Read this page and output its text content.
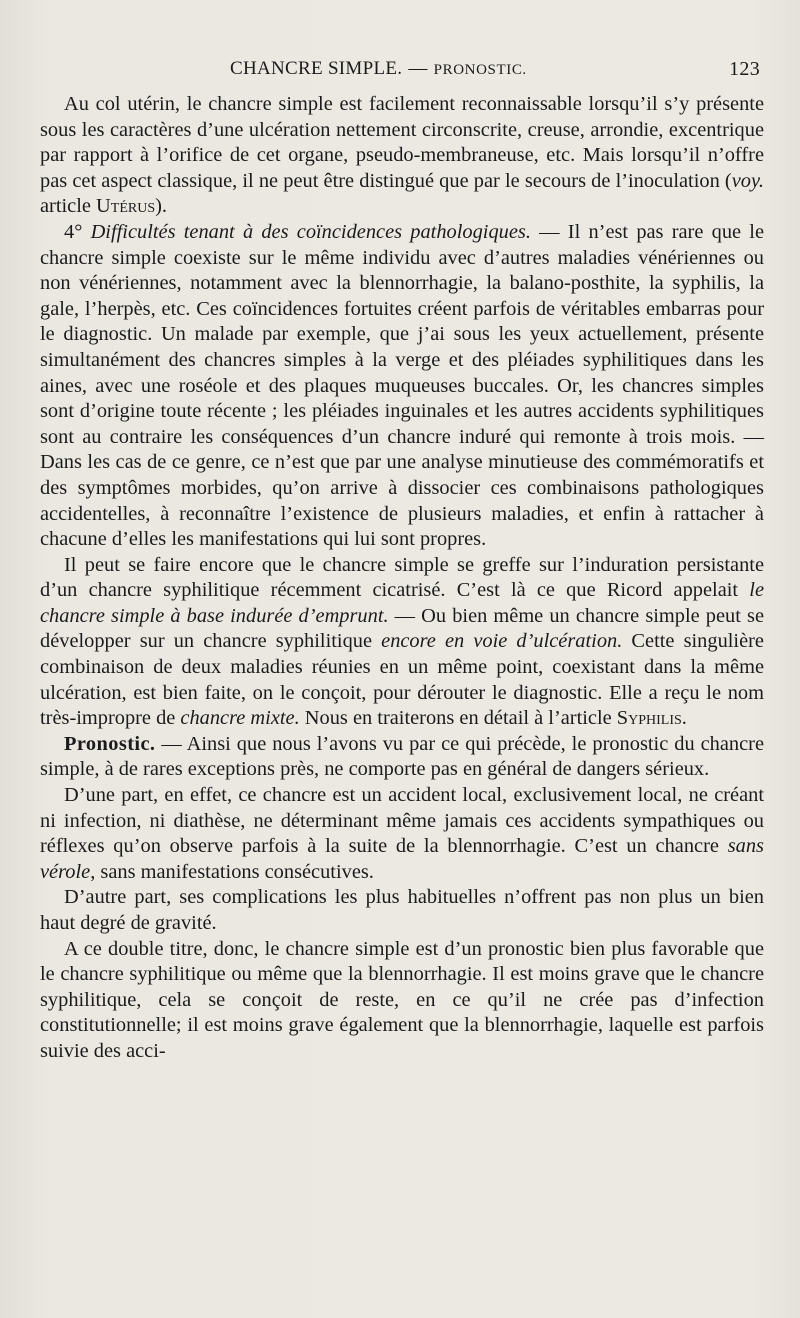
CHANCRE SIMPLE. — PRONOSTIC.	123

Au col utérin, le chancre simple est facilement reconnaissable lorsqu’il s’y présente sous les caractères d’une ulcération nettement circonscrite, creuse, arrondie, excentrique par rapport à l’orifice de cet organe, pseudo-membraneuse, etc. Mais lorsqu’il n’offre pas cet aspect classique, il ne peut être distingué que par le secours de l’inoculation (voy. article Utérus).

4° Difficultés tenant à des coïncidences pathologiques. — Il n’est pas rare que le chancre simple coexiste sur le même individu avec d’autres maladies vénériennes ou non vénériennes, notamment avec la blennorrhagie, la balano-posthite, la syphilis, la gale, l’herpès, etc. Ces coïncidences fortuites créent parfois de véritables embarras pour le diagnostic. Un malade par exemple, que j’ai sous les yeux actuellement, présente simultanément des chancres simples à la verge et des pléiades syphilitiques dans les aines, avec une roséole et des plaques muqueuses buccales. Or, les chancres simples sont d’origine toute récente ; les pléiades inguinales et les autres accidents syphilitiques sont au contraire les conséquences d’un chancre induré qui remonte à trois mois. — Dans les cas de ce genre, ce n’est que par une analyse minutieuse des commémoratifs et des symptômes morbides, qu’on arrive à dissocier ces combinaisons pathologiques accidentelles, à reconnaître l’existence de plusieurs maladies, et enfin à rattacher à chacune d’elles les manifestations qui lui sont propres.

Il peut se faire encore que le chancre simple se greffe sur l’induration persistante d’un chancre syphilitique récemment cicatrisé. C’est là ce que Ricord appelait le chancre simple à base indurée d’emprunt. — Ou bien même un chancre simple peut se développer sur un chancre syphilitique encore en voie d’ulcération. Cette singulière combinaison de deux maladies réunies en un même point, coexistant dans la même ulcération, est bien faite, on le conçoit, pour dérouter le diagnostic. Elle a reçu le nom très-impropre de chancre mixte. Nous en traiterons en détail à l’article Syphilis.

Pronostic. — Ainsi que nous l’avons vu par ce qui précède, le pronostic du chancre simple, à de rares exceptions près, ne comporte pas en général de dangers sérieux.

D’une part, en effet, ce chancre est un accident local, exclusivement local, ne créant ni infection, ni diathèse, ne déterminant même jamais ces accidents sympathiques ou réflexes qu’on observe parfois à la suite de la blennorrhagie. C’est un chancre sans vérole, sans manifestations consécutives.

D’autre part, ses complications les plus habituelles n’offrent pas non plus un bien haut degré de gravité.

A ce double titre, donc, le chancre simple est d’un pronostic bien plus favorable que le chancre syphilitique ou même que la blennorrhagie. Il est moins grave que le chancre syphilitique, cela se conçoit de reste, en ce qu’il ne crée pas d’infection constitutionnelle; il est moins grave également que la blennorrhagie, laquelle est parfois suivie des acci-
